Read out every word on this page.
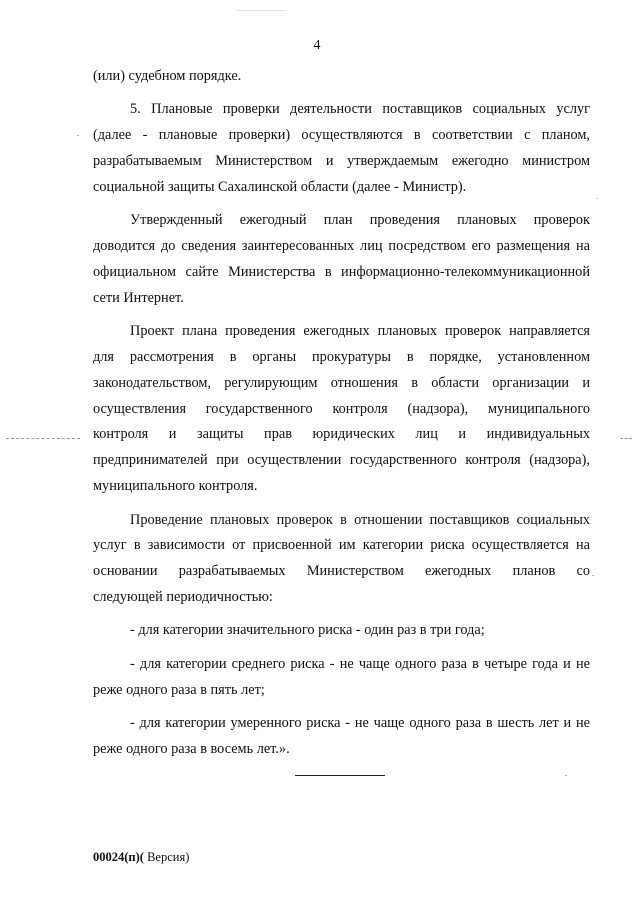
4

(или) судебном порядке.

5. Плановые проверки деятельности поставщиков социальных услуг

(далее - плановые проверки) осуществляются в соответствии с планом,

разрабатываемым Министерством и утверждаемым ежегодно министром

социальной защиты Сахалинской области (далее - Министр).

Утвержденный ежегодный план проведения плановых проверок

доводится до сведения заинтересованных лиц посредством его размещения на

официальном сайте Министерства в информационно-телекоммуникационной

сети Интернет.

Проект плана проведения ежегодных плановых проверок направляется

для рассмотрения в органы прокуратуры в порядке, установленном

законодательством, регулирующим отношения в области организации и

осуществления государственного контроля (надзора), муниципального

контроля и защиты прав юридических лиц и индивидуальных

предпринимателей при осуществлении государственного контроля (надзора),

муниципального контроля.

Проведение плановых проверок в отношении поставщиков социальных

услуг в зависимости от присвоенной им категории риска осуществляется на

основании разрабатываемых Министерством ежегодных планов со

следующей периодичностью:

- для категории значительного риска - один раз в три года;

- для категории среднего риска - не чаще одного раза в четыре года и не

реже одного раза в пять лет;

- для категории умеренного риска - не чаще одного раза в шесть лет и не

реже одного раза в восемь лет.».

00024(п)( Версия)
